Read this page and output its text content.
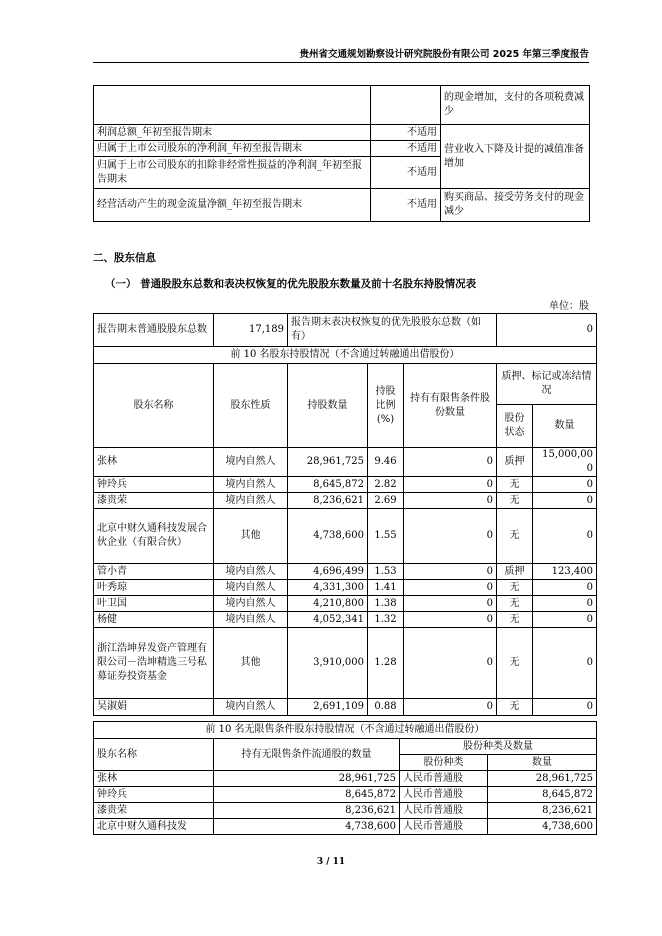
贵州省交通规划勘察设计研究院股份有限公司 2025 年第三季度报告
		的现金增加，支付的各项税费减少
利润总额_年初至报告期末	不适用	营业收入下降及计提的减值准备增加
归属于上市公司股东的净利润_年初至报告期末	不适用	
归属于上市公司股东的扣除非经常性损益的净利润_年初至报告期末	不适用	
经营活动产生的现金流量净额_年初至报告期末	不适用	购买商品、接受劳务支付的现金减少
二、股东信息
（一） 普通股股东总数和表决权恢复的优先股股东数量及前十名股东持股情况表
单位：股
报告期末普通股股东总数	17,189	报告期末表决权恢复的优先股股东总数（如有）			0	
前 10 名股东持股情况（不含通过转融通出借股份）						
股东名称	股东性质	持股数量	持股比例(%)	持有有限售条件股份数量	质押、标记或冻结情况	
					股份状态	数量
张林	境内自然人	28,961,725	9.46	0	质押	15,000,000
钟玲兵	境内自然人	8,645,872	2.82	0	无	0
漆贵荣	境内自然人	8,236,621	2.69	0	无	0
北京中财久通科技发展合伙企业（有限合伙）	其他	4,738,600	1.55	0	无	0
管小青	境内自然人	4,696,499	1.53	0	质押	123,400
叶秀琼	境内自然人	4,331,300	1.41	0	无	0
叶卫国	境内自然人	4,210,800	1.38	0	无	0
杨健	境内自然人	4,052,341	1.32	0	无	0
浙江浩坤昇发资产管理有限公司－浩坤精选三号私募证券投资基金	其他	3,910,000	1.28	0	无	0
吴淑娟	境内自然人	2,691,109	0.88	0	无	0
前 10 名无限售条件股东持股情况（不含通过转融通出借股份）			
股东名称	持有无限售条件流通股的数量	股份种类及数量	
		股份种类	数量
张林	28,961,725	人民币普通股	28,961,725
钟玲兵	8,645,872	人民币普通股	8,645,872
漆贵荣	8,236,621	人民币普通股	8,236,621
北京中财久通科技发	4,738,600	人民币普通股	4,738,600
3 / 11
